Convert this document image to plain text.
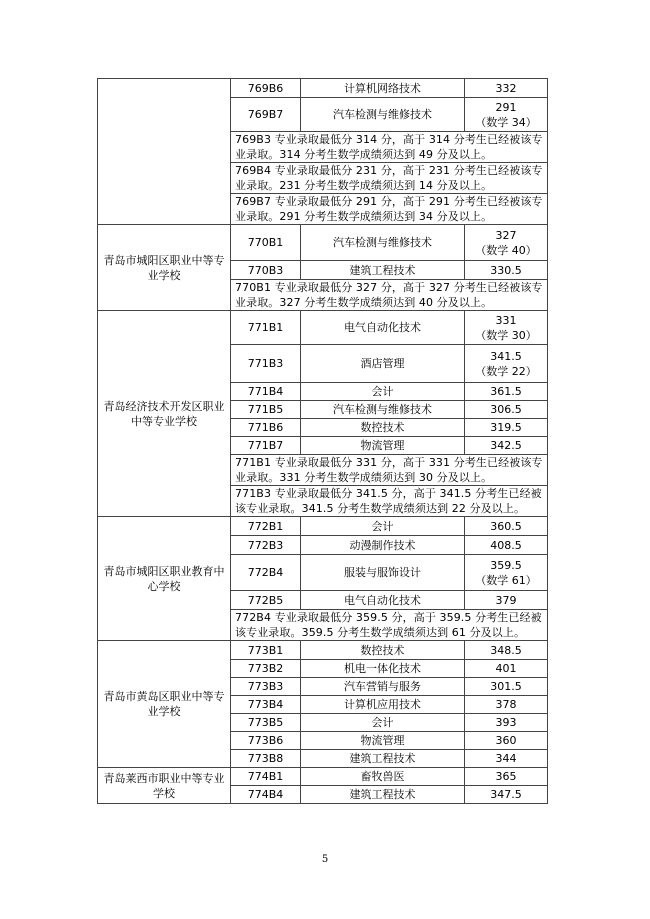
	769B6	计算机网络技术	332
	769B7	汽车检测与维修技术	291
（数学 34）
	769B3 专业录取最低分 314 分，高于 314 分考生已经被该专业录取。314 分考生数学成绩须达到 49 分及以上。		
	769B4 专业录取最低分 231 分，高于 231 分考生已经被该专业录取。231 分考生数学成绩须达到 14 分及以上。		
	769B7 专业录取最低分 291 分，高于 291 分考生已经被该专业录取。291 分考生数学成绩须达到 34 分及以上。		
青岛市城阳区职业中等专业学校	770B1	汽车检测与维修技术	327
（数学 40）
	770B3	建筑工程技术	330.5
	770B1 专业录取最低分 327 分，高于 327 分考生已经被该专业录取。327 分考生数学成绩须达到 40 分及以上。		
青岛经济技术开发区职业中等专业学校	771B1	电气自动化技术	331
（数学 30）
	771B3	酒店管理	341.5
（数学 22）
	771B4	会计	361.5
	771B5	汽车检测与维修技术	306.5
	771B6	数控技术	319.5
	771B7	物流管理	342.5
	771B1 专业录取最低分 331 分，高于 331 分考生已经被该专业录取。331 分考生数学成绩须达到 30 分及以上。		
	771B3 专业录取最低分 341.5 分，高于 341.5 分考生已经被该专业录取。341.5 分考生数学成绩须达到 22 分及以上。		
青岛市城阳区职业教育中心学校	772B1	会计	360.5
	772B3	动漫制作技术	408.5
	772B4	服装与服饰设计	359.5
（数学 61）
	772B5	电气自动化技术	379
	772B4 专业录取最低分 359.5 分，高于 359.5 分考生已经被该专业录取。359.5 分考生数学成绩须达到 61 分及以上。		
青岛市黄岛区职业中等专业学校	773B1	数控技术	348.5
	773B2	机电一体化技术	401
	773B3	汽车营销与服务	301.5
	773B4	计算机应用技术	378
	773B5	会计	393
	773B6	物流管理	360
	773B8	建筑工程技术	344
青岛莱西市职业中等专业学校	774B1	畜牧兽医	365
	774B4	建筑工程技术	347.5
5
